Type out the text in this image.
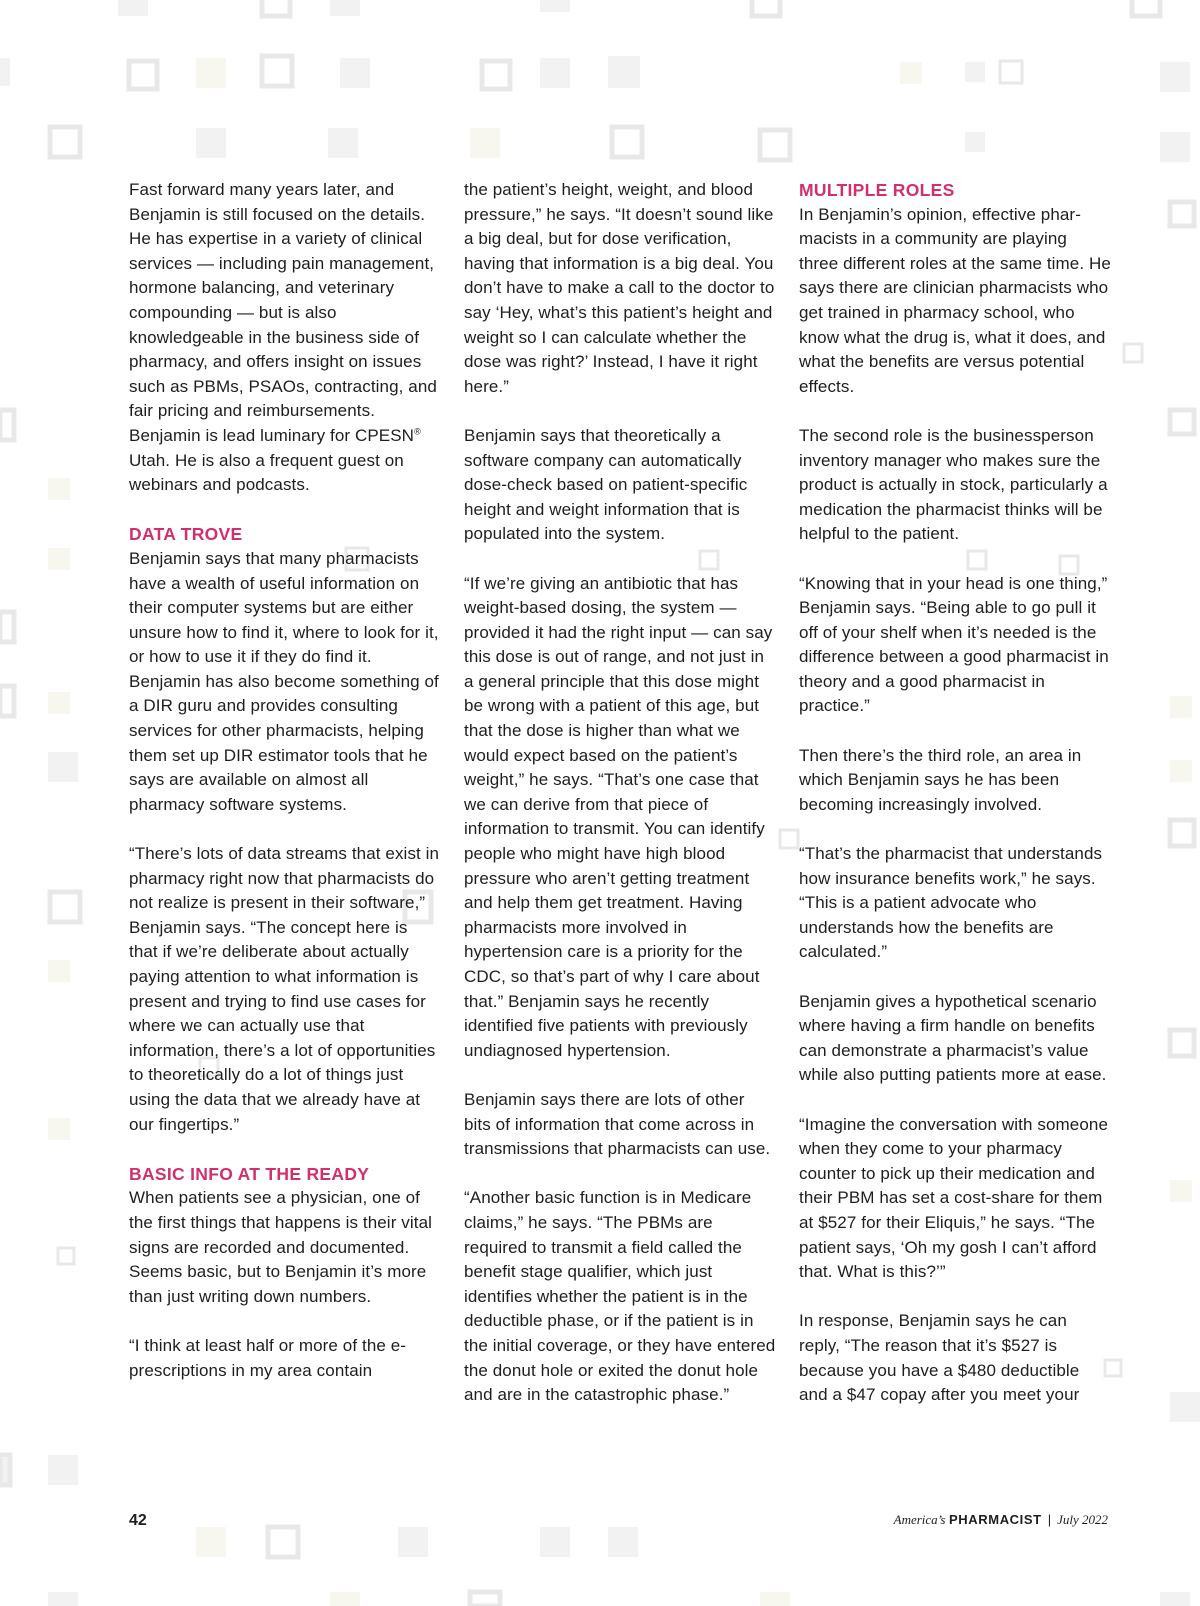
Fast forward many years later, and Benjamin is still focused on the details. He has expertise in a variety of clinical services — including pain management, hormone balancing, and veterinary compounding — but is also knowledgeable in the business side of pharmacy, and offers insight on issues such as PBMs, PSAOs, contracting, and fair pricing and reimbursements. Benjamin is lead luminary for CPESN® Utah. He is also a frequent guest on webinars and podcasts.

DATA TROVE

Benjamin says that many pharmacists have a wealth of useful information on their computer systems but are either unsure how to find it, where to look for it, or how to use it if they do find it. Benjamin has also become something of a DIR guru and provides consulting services for other pharmacists, helping them set up DIR estimator tools that he says are available on almost all pharmacy software systems.

“There’s lots of data streams that exist in pharmacy right now that pharmacists do not realize is present in their software,” Benjamin says. “The concept here is that if we’re deliberate about actually paying attention to what information is present and trying to find use cases for where we can actually use that information, there’s a lot of opportunities to theoretically do a lot of things just using the data that we already have at our fingertips.”

BASIC INFO AT THE READY

When patients see a physician, one of the first things that happens is their vital signs are recorded and documented. Seems basic, but to Benjamin it’s more than just writing down numbers.

“I think at least half or more of the e-prescriptions in my area contain

the patient’s height, weight, and blood pressure,” he says. “It doesn’t sound like a big deal, but for dose verification, having that information is a big deal. You don’t have to make a call to the doctor to say ‘Hey, what’s this patient’s height and weight so I can calculate whether the dose was right?’ Instead, I have it right here.”

Benjamin says that theoretically a software company can automatically dose-check based on patient-specific height and weight information that is populated into the system.

“If we’re giving an antibiotic that has weight-based dosing, the system — provided it had the right input — can say this dose is out of range, and not just in a general principle that this dose might be wrong with a patient of this age, but that the dose is higher than what we would expect based on the patient’s weight,” he says. “That’s one case that we can derive from that piece of information to transmit. You can identify people who might have high blood pressure who aren’t getting treatment and help them get treatment. Having pharmacists more involved in hypertension care is a priority for the CDC, so that’s part of why I care about that.” Benjamin says he recently identified five patients with previously undiagnosed hypertension.

Benjamin says there are lots of other bits of information that come across in transmissions that pharmacists can use.

“Another basic function is in Medicare claims,” he says. “The PBMs are required to transmit a field called the benefit stage qualifier, which just identifies whether the patient is in the deductible phase, or if the patient is in the initial coverage, or they have entered the donut hole or exited the donut hole and are in the catastrophic phase.”

MULTIPLE ROLES

In Benjamin’s opinion, effective pharmacists in a community are playing three different roles at the same time. He says there are clinician pharmacists who get trained in pharmacy school, who know what the drug is, what it does, and what the benefits are versus potential effects.

The second role is the businessperson inventory manager who makes sure the product is actually in stock, particularly a medication the pharmacist thinks will be helpful to the patient.

“Knowing that in your head is one thing,” Benjamin says. “Being able to go pull it off of your shelf when it’s needed is the difference between a good pharmacist in theory and a good pharmacist in practice.”

Then there’s the third role, an area in which Benjamin says he has been becoming increasingly involved.

“That’s the pharmacist that understands how insurance benefits work,” he says. “This is a patient advocate who understands how the benefits are calculated.”

Benjamin gives a hypothetical scenario where having a firm handle on benefits can demonstrate a pharmacist’s value while also putting patients more at ease.

“Imagine the conversation with someone when they come to your pharmacy counter to pick up their medication and their PBM has set a cost-share for them at $527 for their Eliquis,” he says. “The patient says, ‘Oh my gosh I can’t afford that. What is this?’”

In response, Benjamin says he can reply, “The reason that it’s $527 is because you have a $480 deductible and a $47 copay after you meet your

42	America’s PHARMACIST | July 2022
